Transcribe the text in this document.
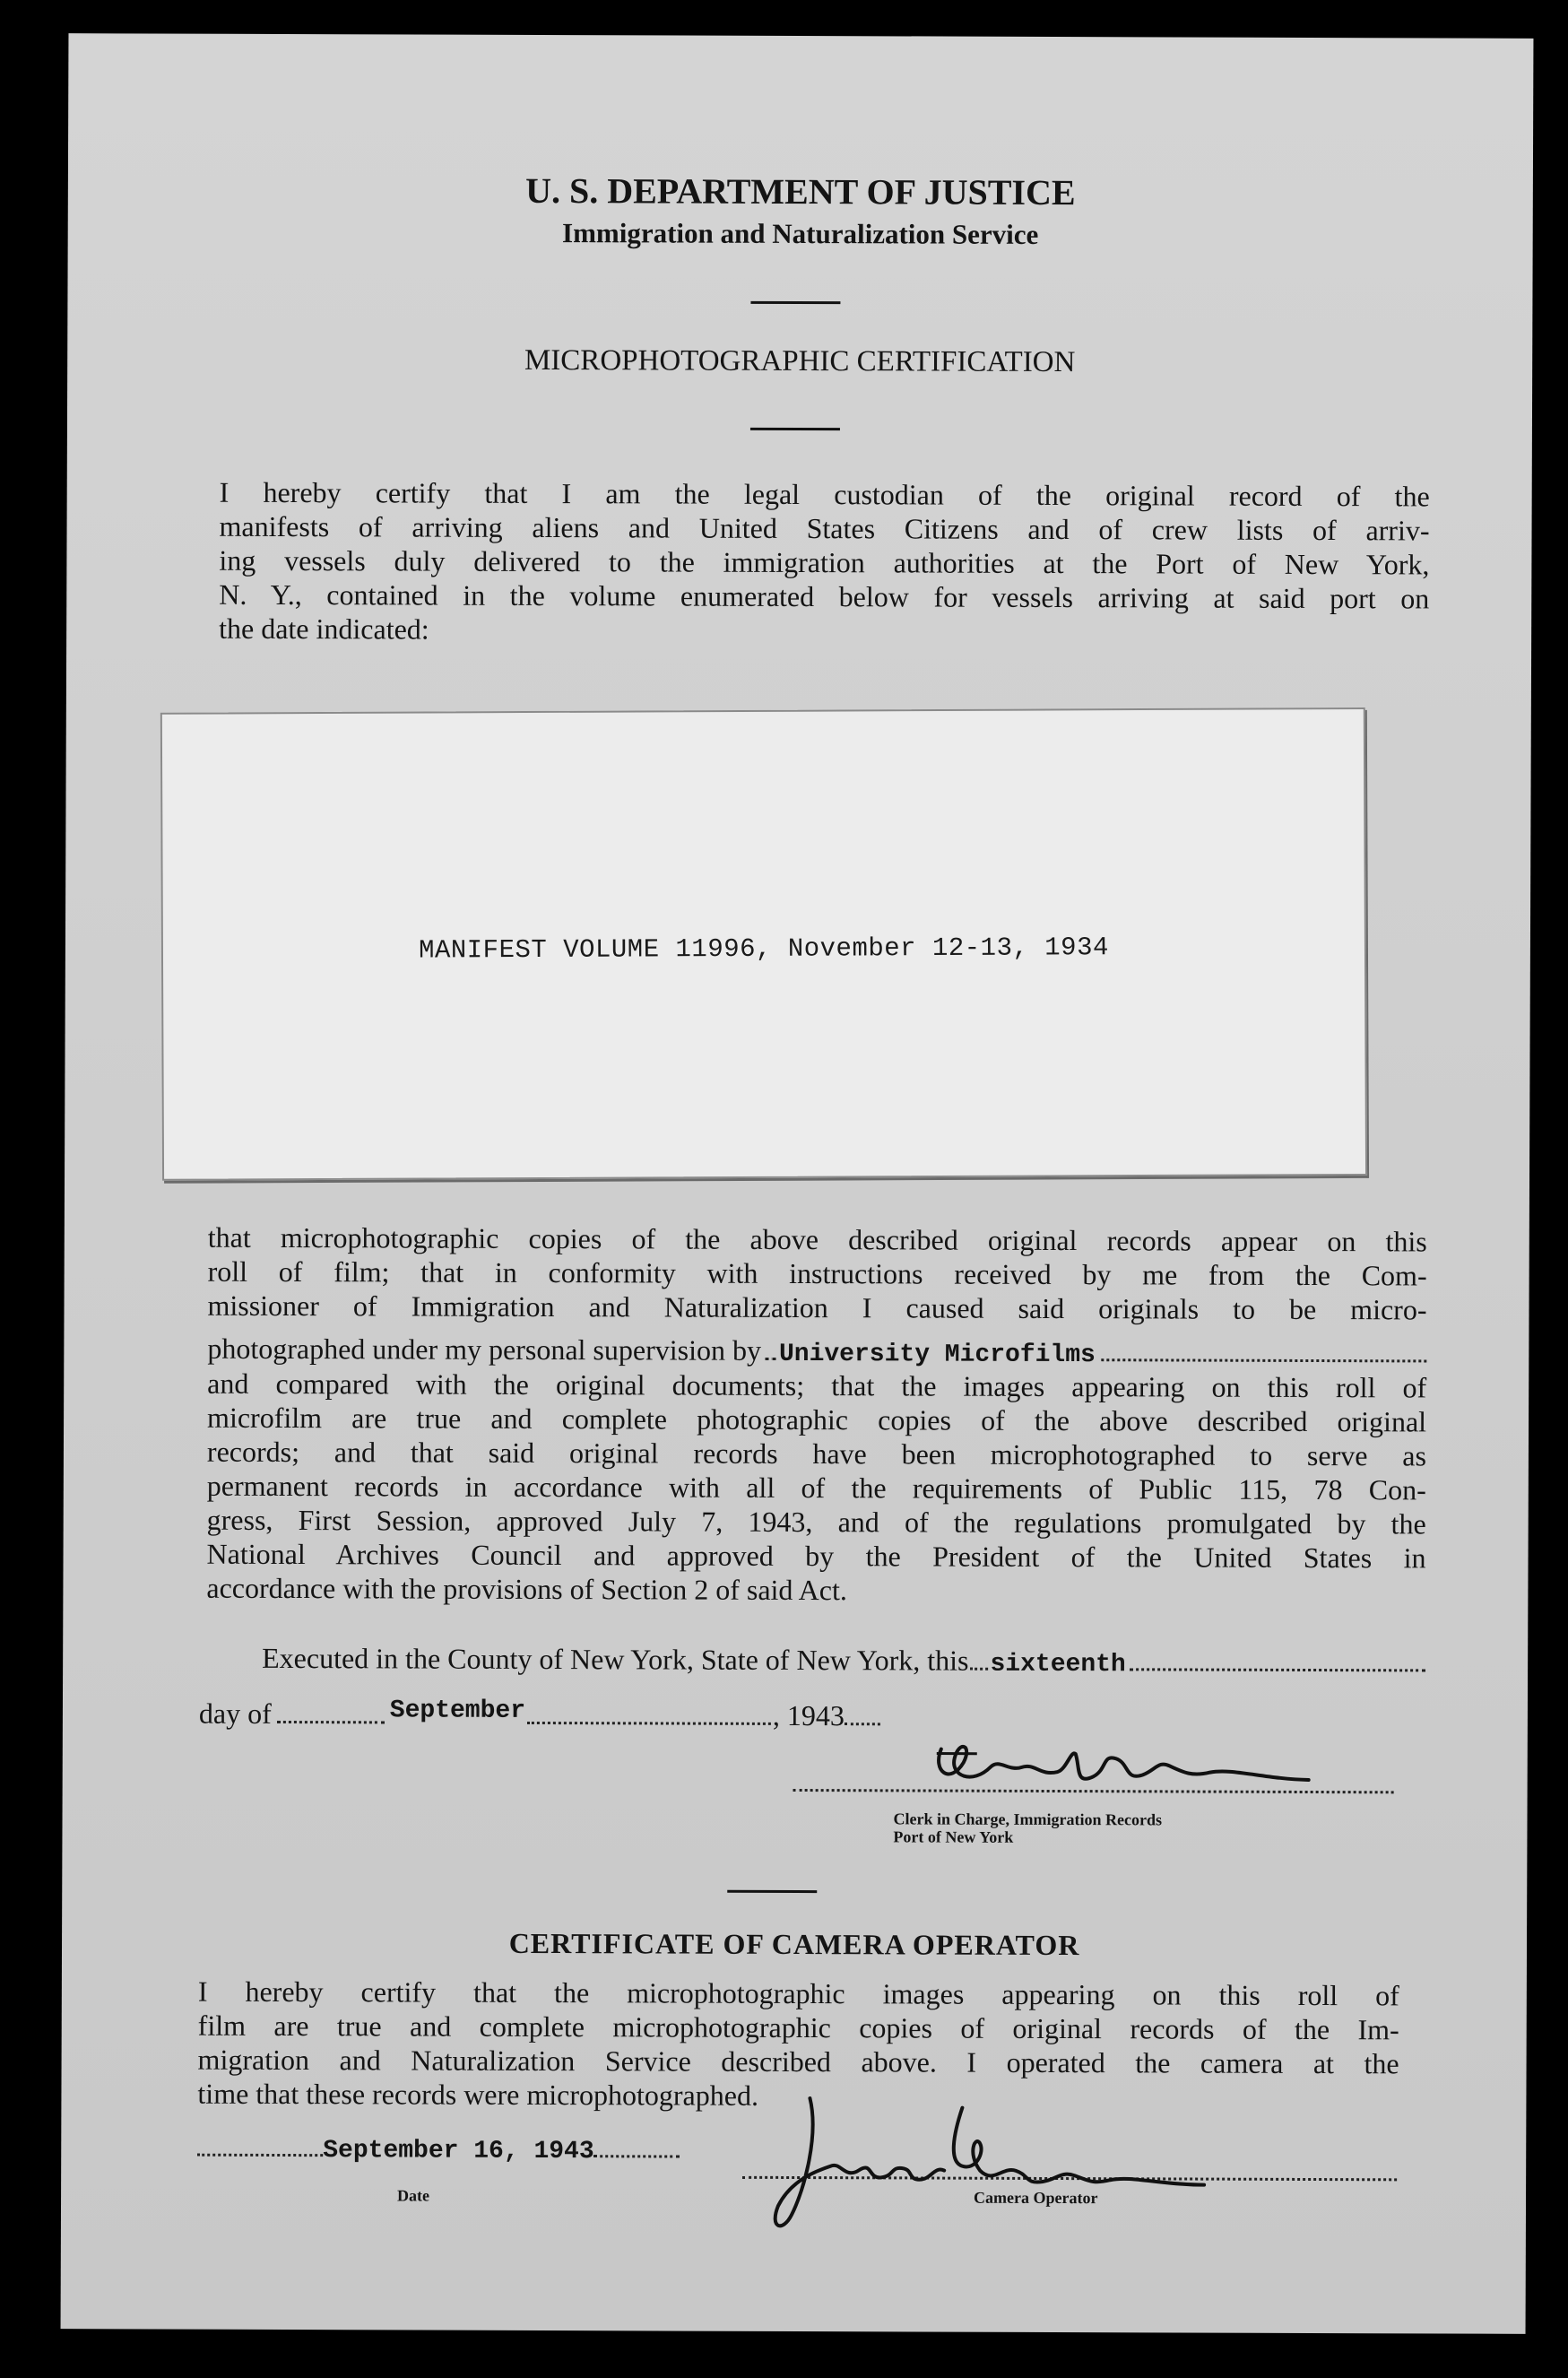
U. S. DEPARTMENT OF JUSTICE
Immigration and Naturalization Service
MICROPHOTOGRAPHIC CERTIFICATION
I hereby certify that I am the legal custodian of the original record of the
manifests of arriving aliens and United States Citizens and of crew lists of arriv-
ing vessels duly delivered to the immigration authorities at the Port of New York,
N. Y., contained in the volume enumerated below for vessels arriving at said port on
the date indicated:
MANIFEST VOLUME 11996, November 12-13, 1934
that microphotographic copies of the above described original records appear on this
roll of film; that in conformity with instructions received by me from the Com-
missioner of Immigration and Naturalization I caused said originals to be micro-
photographed under my personal supervision by University Microfilms
and compared with the original documents; that the images appearing on this roll of
microfilm are true and complete photographic copies of the above described original
records; and that said original records have been microphotographed to serve as
permanent records in accordance with all of the requirements of Public 115, 78 Con-
gress, First Session, approved July 7, 1943, and of the regulations promulgated by the
National Archives Council and approved by the President of the United States in
accordance with the provisions of Section 2 of said Act.
Executed in the County of New York, State of New York, this sixteenth
day of	September	, 1943
Clerk in Charge, Immigration Records
Port of New York
CERTIFICATE OF CAMERA OPERATOR
I hereby certify that the microphotographic images appearing on this roll of
film are true and complete microphotographic copies of original records of the Im-
migration and Naturalization Service described above. I operated the camera at the
time that these records were microphotographed.
September 16, 1943
Date	Camera Operator
